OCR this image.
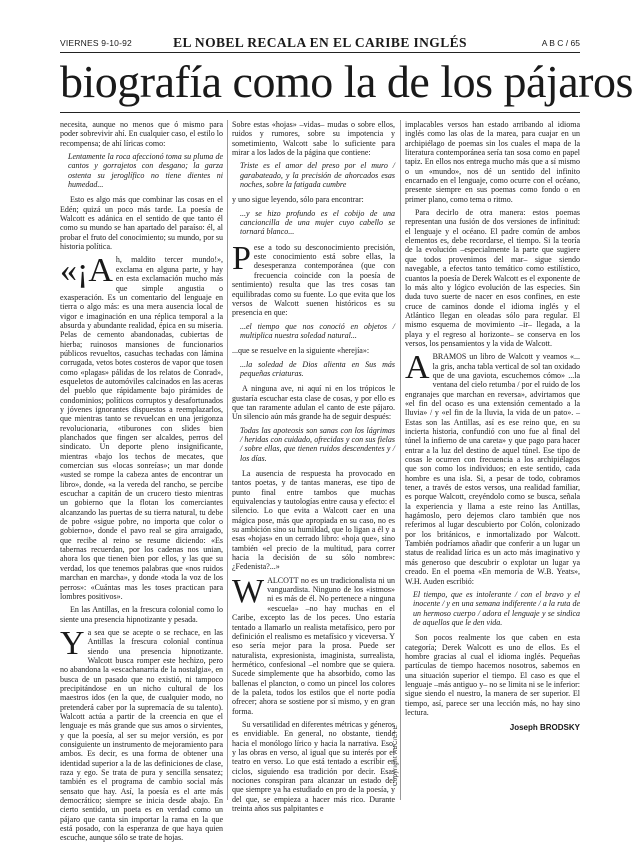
VIERNES 9-10-92	EL NOBEL RECALA EN EL CARIBE INGLÉS	A B C / 65
biografía como la de los pájaros

necesita, aunque no menos que ó mismo para poder sobrevivir ahí. En cualquier caso, el estilo lo recompensa; de ahí líricas como:

Lentamente la roca afeccionó toma su pluma de cantos y gorrajetos con desgano; la garza ostenta su jeroglífico no tiene dientes ni humedad...

Esto es algo más que combinar las cosas en el Edén; quizá un poco más tarde. La poesía de Walcott es adánica en el sentido de que tanto él como su mundo se han apartado del paraíso: él, al probar el fruto del conocimiento; su mundo, por su historia política.

«¡A h, maldito tercer mundo!», exclama en alguna parte, y hay en esta exclamación mucho más que simple angustia o exasperación. Es un comentario del lenguaje en tierra o algo más: es una mera ausencia local de vigor e imaginación en una réplica temporal a la absurda y abundante realidad, épica en su miseria. Pelas de cemento abandonadas, cubiertas de hierba; ruinosos mansiones de funcionarios públicos revueltos, casuchas techadas con lámina corrugada, vetos botes costeros de vapor que tosen como «plagas» pálidas de los relatos de Conrad», esqueletos de automóviles calcinados en las aceras del pueblo que rápidamente bajo pirámides de condominios; políticos corruptos y desafortunados y jóvenes ignorantes dispuestos a reemplazarlos, que mientras tanto se revuelcan en una jerigonza revolucionaria, «tiburones con slides bien planchados que fingen ser alcaldes, perros del sindicato. Un deporte pleno insignificante, mientras «bajo los techos de mecates, que comercian sus «locas sonreías»; un mar donde «usted se rompe la cabeza antes de encontrar un libro», donde, «a la vereda del rancho, se percibe escuchar a capitán de un crucero tiesto mientras un gobierno que la flotan los comerciantes alcanzando las puertas de su tierra natural, tu debe de pobre «sigue pobre, no importa que color o gobierno», donde el pavo real se gira arraigado, que recibe al reino se resume diciendo: «Es tabernas recuerdan, por los cadenas nos unian, ahora los que tienen bien por ellos, y las que su verdad, los que tenemos palabras que «nos ruidos marchan en marcha», y donde «toda la voz de los perros»: «Cuántas mas les toses practican para lombres positivos».

En las Antillas, en la frescura colonial como lo siente una presencia hipnotizante y pesada.

Ya sea que se acepte o se rechace, en las Antillas la frescura colonial contínua siendo una presencia hipnotizante. Walcott busca romper este hechizo, pero no abandona la «escachanarria de la nostalgia», en busca de un pasado que no existió, ni tampoco precipitándose en un nicho cultural de los maestros idos (en la que, de cualquier modo, no pretenderá caber por la supremacía de su talento). Walcott actúa a partir de la creencia en que el lenguaje es más grande que sus amos o sirvientes, y que la poesía, al ser su mejor versión, es por consiguiente un instrumento de mejoramiento para ambos. Es decir, es una forma de obtener una identidad superior a la de las definiciones de clase, raza y ego. Se trata de pura y sencilla sensatez; también es el programa de cambio social más sensato que hay. Así, la poesía es el arte más democrático; siempre se inicia desde abajo. En cierto sentido, un poeta es en verdad como un pájaro que canta sin importar la rama en la que está posado, con la esperanza de que haya quien escuche, aunque sólo se trate de hojas.

Sobre estas «hojas» –vidas– mudas o sobre ellos, ruidos y rumores, sobre su impotencia y sometimiento, Walcott sabe lo suficiente para mirar a los lados de la página que contiene:

Triste es el amor del preso por el muro / garabateado, y la precisión de ahorcados esas noches, sobre la fatigada cumbre

y uno sigue leyendo, sólo para encontrar:

...y se hizo profundo es el cobijo de una cancioncilla de una mujer cuyo cabello se tornará blanco...

Pese a todo su desconocimiento precisión, este conocimiento está sobre ellas, la desesperanza contemporánea (que con frecuencia coincide con la poesía de sentimiento) resulta que las tres cosas tan equilibradas como su fuente. Lo que evita que los versos de Walcott suenen históricos es su presencia en que:

...el tiempo que nos conoció en objetos / multiplica nuestra soledad natural...

...que se resuelve en la siguiente «herejía»:

...la soledad de Dios alienta en Sus más pequeñas criaturas.

A ninguna ave, ni aquí ni en los trópicos le gustaría escuchar esta clase de cosas, y por ello es que tan raramente adulan el canto de este pájaro. Un silencio aún más grande ha de seguir después:

Todas las apoteosis son sanas con los lágrimas / heridas con cuidado, ofrecidas y con sus fielas / sobre ellas, que tienen ruidos descendentes y / los días.

La ausencia de respuesta ha provocado en tantos poetas, y de tantas maneras, ese tipo de punto final entre tambos que muchas equivalencias y tautologías entre causa y efecto: el silencio. Lo que evita a Walcott caer en una mágica pose, más que apropiada en su caso, no es su ambición sino su humildad, que lo ligan a él y a esas «hojas» en un cerrado libro: «hoja que», sino también «el precio de la multitud, para correr hacia la decisión de su sólo nombre»: ¿Fedenista?...»

WALCOTT no es un tradicionalista ni un vanguardista. Ninguno de los «istmos» ni es más de él. No pertenece a ninguna «escuela» –no hay muchas en el Caribe, excepto las de los peces. Uno estaría tentado a llamarlo un realista metafísico, pero por definición el realismo es metafísico y viceversa. Y eso sería mejor para la prosa. Puede ser naturalista, expresionista, imaginista, surrealista, hermético, confesional –el nombre que se quiera. Sucede simplemente que ha absorbido, como las ballenas el plancton, o como un pincel los colores de la paleta, todos los estilos que el norte podía ofrecer; ahora se sostiene por sí mismo, y en gran forma.

Su versatilidad en diferentes métricas y géneros es envidiable. En general, no obstante, tiende hacia el monólogo lírico y hacia la narrativa. Eso, y las obras en verso, al igual que su interés por el teatro en verso. Lo que está tentado a escribir en ciclos, siguiendo esa tradición por decir. Esas nociones conspiran para alcanzar un estado del que siempre ya ha estudiado en pro de la poesía, y del que, se empieza a hacer más rico. Durante treinta años sus palpitantes e

Copyright ABC/EFE

implacables versos han estado arribando al idioma inglés como las olas de la marea, para cuajar en un archipiélago de poemas sin los cuales el mapa de la literatura contemporánea sería tan sosa como en papel tapiz. En ellos nos entrega mucho más que a sí mismo o un «mundo», nos dé un sentido del infinito encarnado en el lenguaje, como ocurre con el océano, presente siempre en sus poemas como fondo o en primer plano, como tema o ritmo.

Para decirlo de otra manera: estos poemas representan una fusión de dos versiones de infinitud: el lenguaje y el océano. El padre común de ambos elementos es, debe recordarse, el tiempo. Si la teoría de la evolución –especialmente la parte que sugiere que todos provenimos del mar– sigue siendo navegable, a efectos tanto temático como estilístico, cuantos la poesía de Derek Walcott es el exponente de lo más alto y lógico evolución de las especies. Sin duda tuvo suerte de nacer en esos confines, en este cruce de caminos donde el idioma inglés y el Atlántico llegan en oleadas sólo para regular. El mismo esquema de movimiento –ir– llegada, a la playa y el regreso al horizonte– se conserva en los versos, los pensamientos y la vida de Walcott.

ABRAMOS un libro de Walcott y veamos «... la gris, ancha tabla vertical de sol tan oxidado que de una gaviota, escuchemos cómo» ...la ventana del cielo retumba / por el ruido de los engranajes que marchan en reversa», advirtamos que «el fin del ocaso es una extensión cementado a la lluvia» / y «el fin de la lluvia, la vida de un pato». – Estas son las Antillas, así es ese reino que, en su incierta historia, confundió con uno fue al final del túnel la infierno de una careta» y que pago para hacer entrar a la luz del destino de aquel túnel. Ese tipo de cosas le ocurren con frecuencia a los archipiélagos que son como los individuos; en este sentido, cada hombre es una isla. Si, a pesar de todo, cobramos tener, a través de estos versos, una realidad familiar, es porque Walcott, creyéndolo como se busca, señala la experiencia y llama a este reino las Antillas, hagámoslo, pero dejemos claro también que nos referimos al lugar descubierto por Colón, colonizado por los británicos, e inmortalizado por Walcott. También podríamos añadir que conferir a un lugar un status de realidad lírica es un acto más imaginativo y más generoso que descubrir o explotar un lugar ya creado. En el poema «En memoria de W.B. Yeats», W.H. Auden escribió:

El tiempo, que es intolerante / con el bravo y el inocente / y en una semana indiferente / a la ruta de un hermoso cuerpo / adora el lenguaje y se sindica de aquellos que le den vida.

Son pocos realmente los que caben en esta categoría; Derek Walcott es uno de ellos. Es el hombre gracias al cual el idioma inglés. Pequeñas partículas de tiempo hacemos nosotros, sabemos en una situación superior el tiempo. El caso es que el lenguaje –más antiguo y– no se limita ni se le inferior: sigue siendo el nuestro, la manera de ser superior. El tiempo, así, parece ser una lección más, no hay sino lectura.

Joseph BRODSKY
